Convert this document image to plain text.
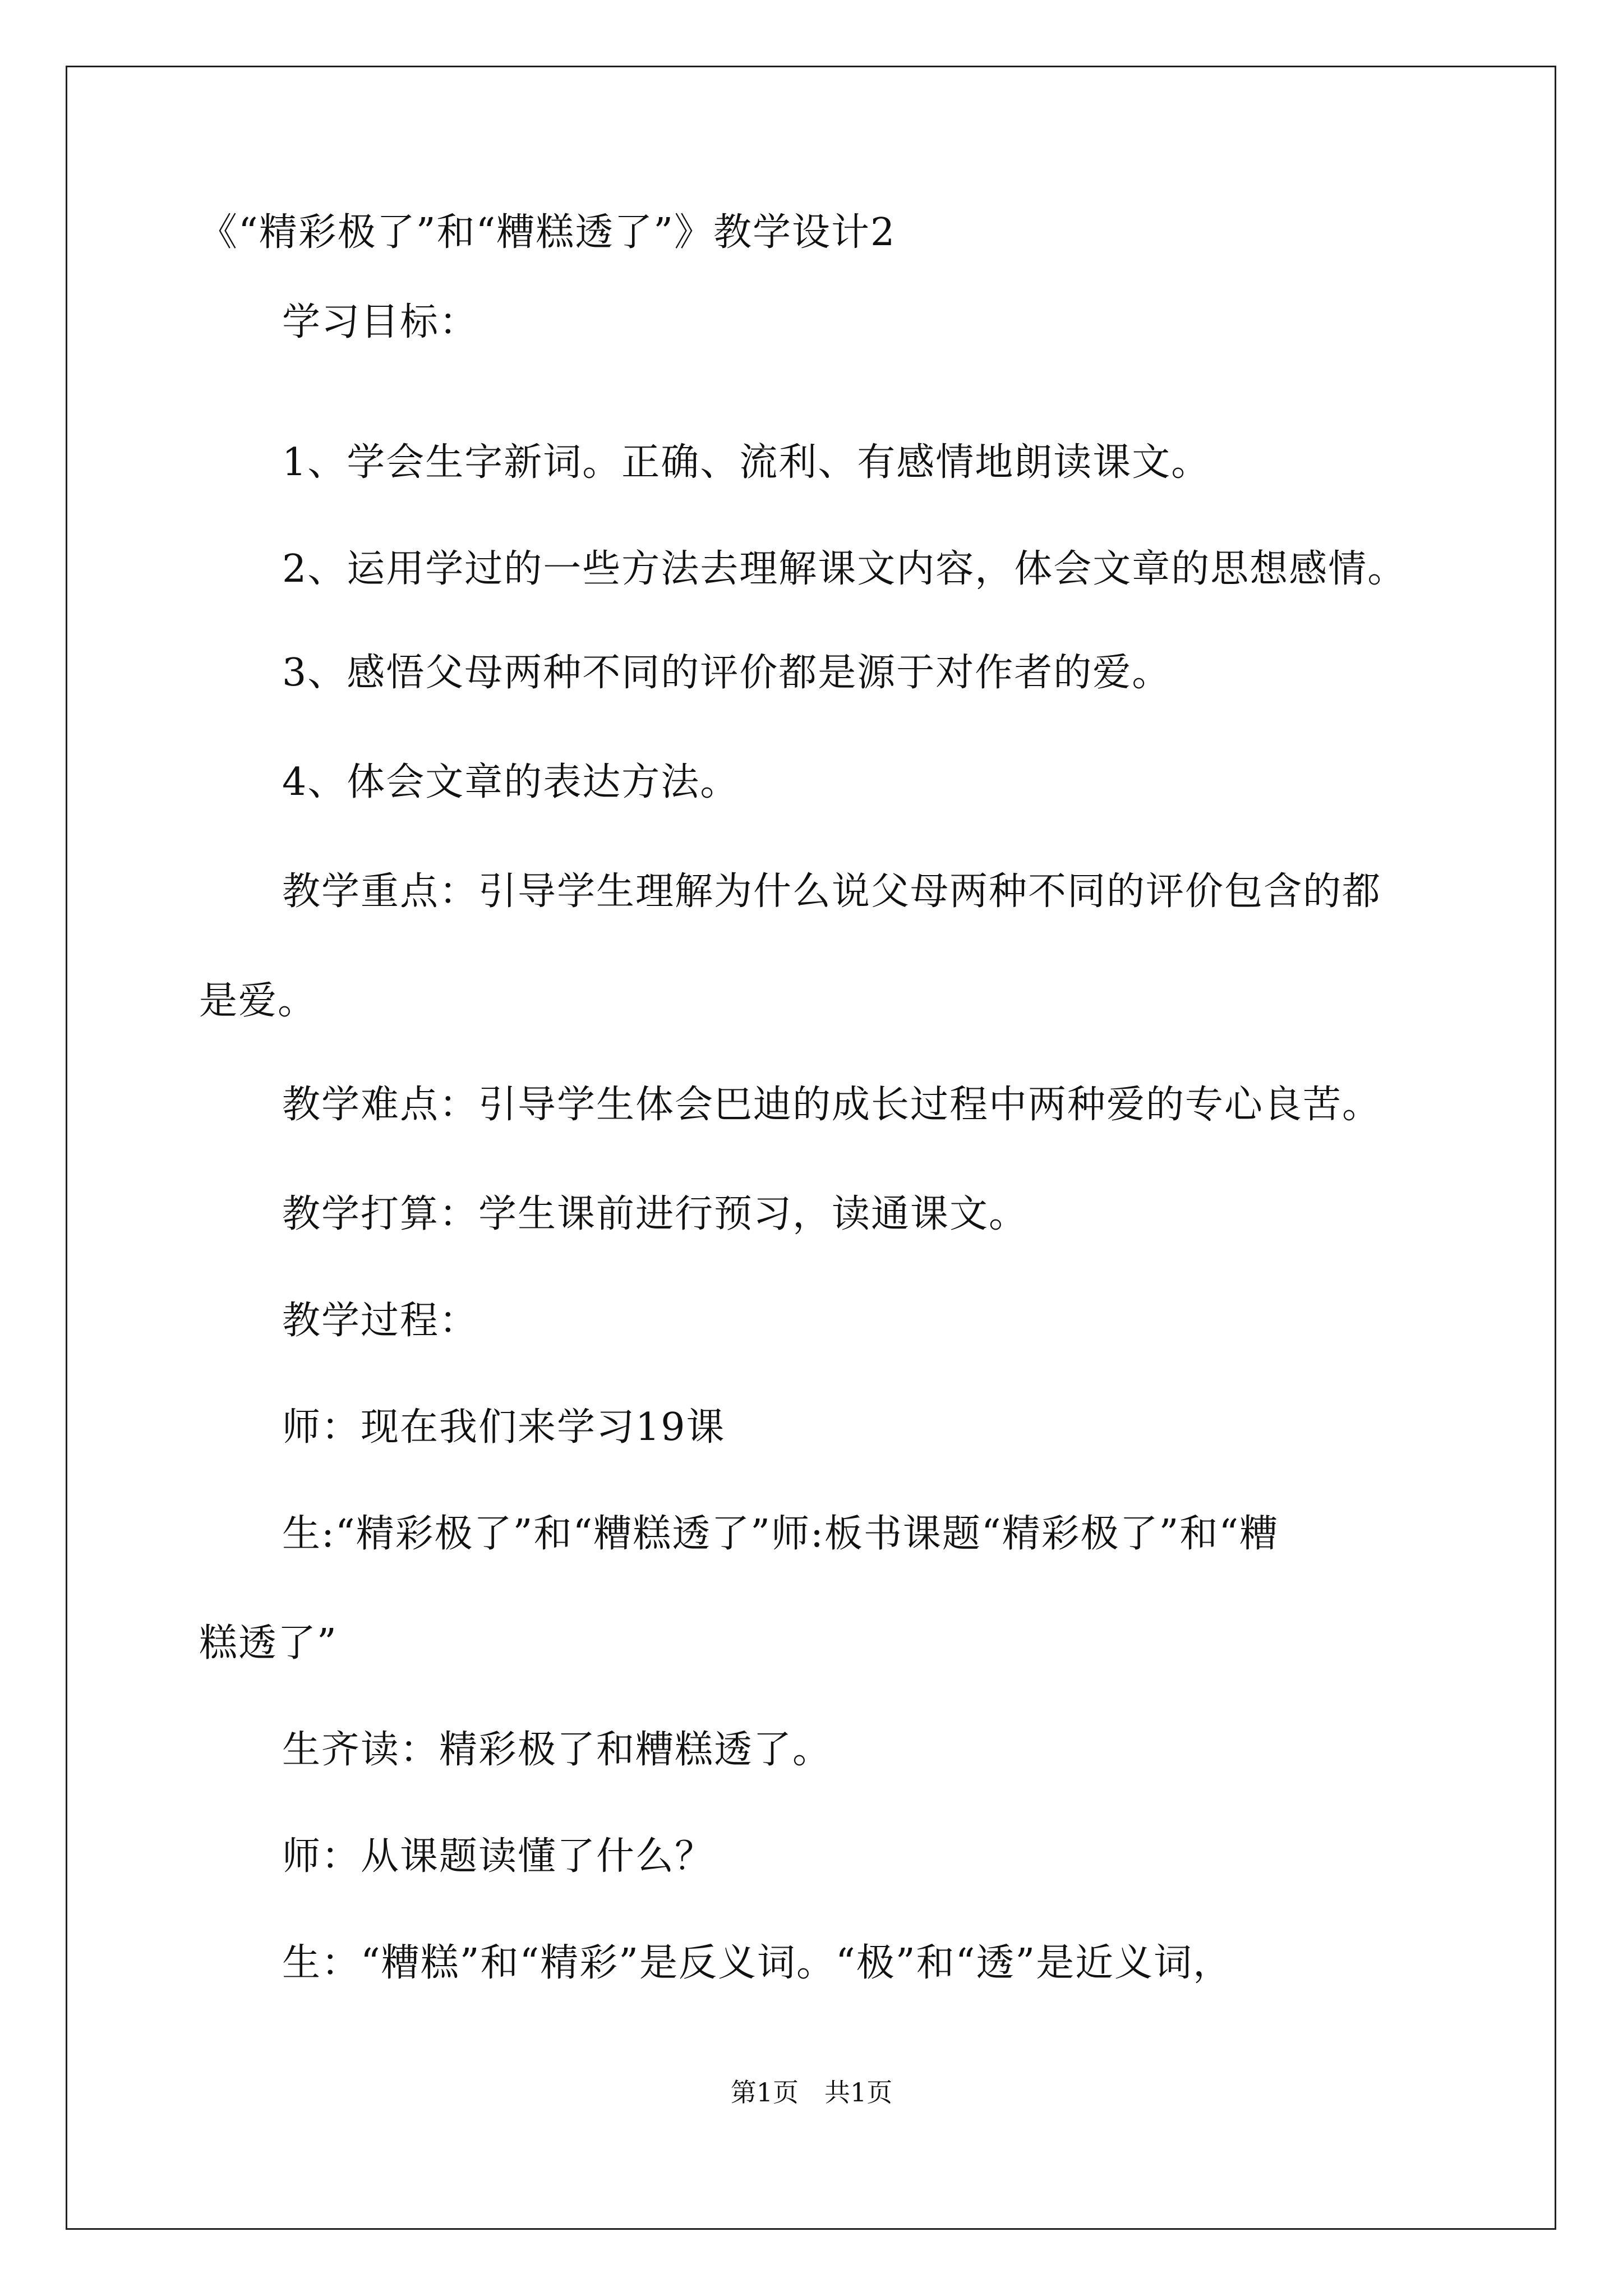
《“精彩极了”和“糟糕透了”》教学设计2
学习目标：
1、学会生字新词。正确、流利、有感情地朗读课文。
2、运用学过的一些方法去理解课文内容，体会文章的思想感情。
3、感悟父母两种不同的评价都是源于对作者的爱。
4、体会文章的表达方法。
教学重点：引导学生理解为什么说父母两种不同的评价包含的都
是爱。
教学难点：引导学生体会巴迪的成长过程中两种爱的专心良苦。
教学打算：学生课前进行预习，读通课文。
教学过程：
师：现在我们来学习19课
生:“精彩极了”和“糟糕透了”师:板书课题“精彩极了”和“糟
糕透了”
生齐读：精彩极了和糟糕透了。
师：从课题读懂了什么？
生：“糟糕”和“精彩”是反义词。“极”和“透”是近义词，
第1页　共1页
